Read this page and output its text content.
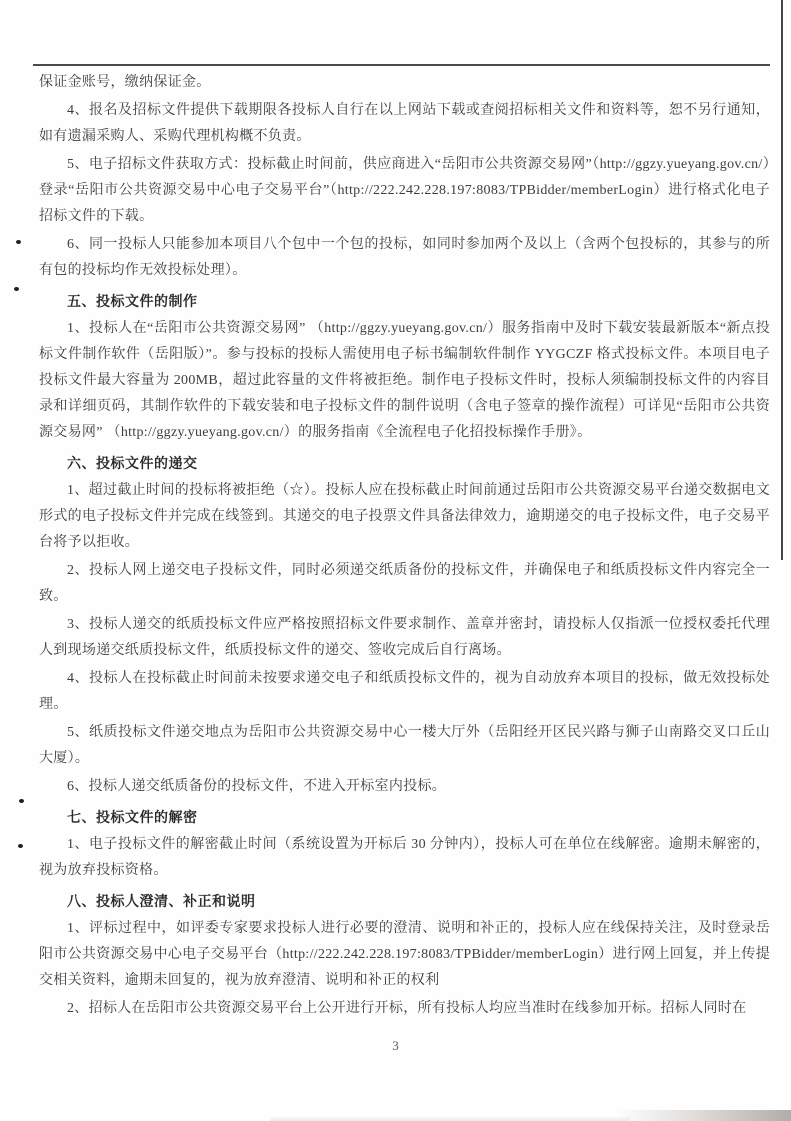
保证金账号，缴纳保证金。

4、报名及招标文件提供下载期限各投标人自行在以上网站下载或查阅招标相关文件和资料等，恕不另行通知，如有遗漏采购人、采购代理机构概不负责。

5、电子招标文件获取方式：投标截止时间前，供应商进入“岳阳市公共资源交易网”（http://ggzy.yueyang.gov.cn/）登录“岳阳市公共资源交易中心电子交易平台”（http://222.242.228.197:8083/TPBidder/memberLogin）进行格式化电子招标文件的下载。

6、同一投标人只能参加本项目八个包中一个包的投标，如同时参加两个及以上（含两个包投标的，其参与的所有包的投标均作无效投标处理）。

五、投标文件的制作

1、投标人在“岳阳市公共资源交易网” （http://ggzy.yueyang.gov.cn/）服务指南中及时下载安装最新版本“新点投标文件制作软件（岳阳版）”。参与投标的投标人需使用电子标书编制软件制作 YYGCZF 格式投标文件。本项目电子投标文件最大容量为 200MB，超过此容量的文件将被拒绝。制作电子投标文件时，投标人须编制投标文件的内容目录和详细页码，其制作软件的下载安装和电子投标文件的制件说明（含电子签章的操作流程）可详见“岳阳市公共资源交易网” （http://ggzy.yueyang.gov.cn/）的服务指南《全流程电子化招投标操作手册》。

六、投标文件的递交

1、超过截止时间的投标将被拒绝（☆）。投标人应在投标截止时间前通过岳阳市公共资源交易平台递交数据电文形式的电子投标文件并完成在线签到。其递交的电子投票文件具备法律效力，逾期递交的电子投标文件，电子交易平台将予以拒收。

2、投标人网上递交电子投标文件，同时必须递交纸质备份的投标文件，并确保电子和纸质投标文件内容完全一致。

3、投标人递交的纸质投标文件应严格按照招标文件要求制作、盖章并密封，请投标人仅指派一位授权委托代理人到现场递交纸质投标文件，纸质投标文件的递交、签收完成后自行离场。

4、投标人在投标截止时间前未按要求递交电子和纸质投标文件的，视为自动放弃本项目的投标，做无效投标处理。

5、纸质投标文件递交地点为岳阳市公共资源交易中心一楼大厅外（岳阳经开区民兴路与狮子山南路交叉口丘山大厦）。

6、投标人递交纸质备份的投标文件，不进入开标室内投标。

七、投标文件的解密

1、电子投标文件的解密截止时间（系统设置为开标后 30 分钟内），投标人可在单位在线解密。逾期未解密的，视为放弃投标资格。

八、投标人澄清、补正和说明

1、评标过程中，如评委专家要求投标人进行必要的澄清、说明和补正的，投标人应在线保持关注，及时登录岳阳市公共资源交易中心电子交易平台（http://222.242.228.197:8083/TPBidder/memberLogin）进行网上回复，并上传提交相关资料，逾期未回复的，视为放弃澄清、说明和补正的权利

2、招标人在岳阳市公共资源交易平台上公开进行开标，所有投标人均应当准时在线参加开标。招标人同时在

3
